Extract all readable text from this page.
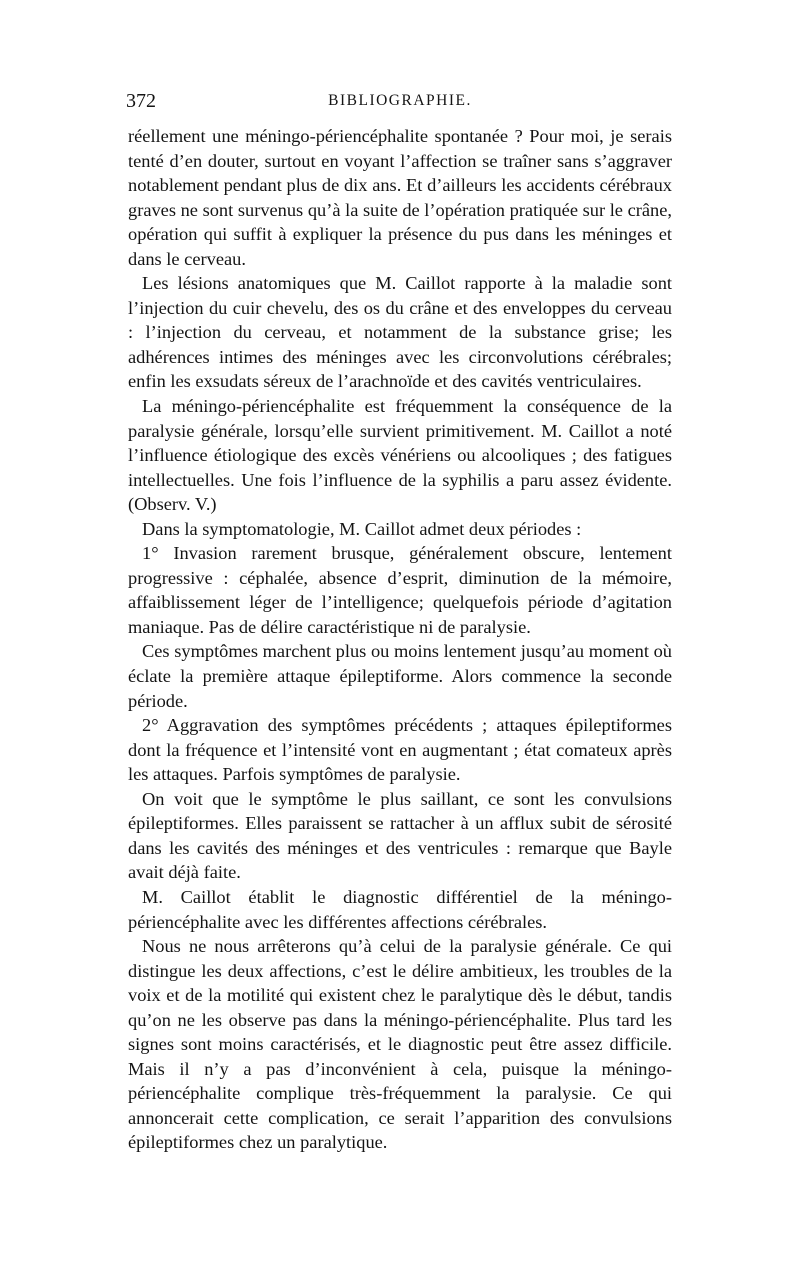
372	BIBLIOGRAPHIE.

réellement une méningo-périencéphalite spontanée ? Pour moi, je serais tenté d’en douter, surtout en voyant l’affection se traîner sans s’aggraver notablement pendant plus de dix ans. Et d’ailleurs les accidents cérébraux graves ne sont survenus qu’à la suite de l’opération pratiquée sur le crâne, opération qui suffit à expliquer la présence du pus dans les méninges et dans le cerveau.

Les lésions anatomiques que M. Caillot rapporte à la maladie sont l’injection du cuir chevelu, des os du crâne et des enveloppes du cerveau : l’injection du cerveau, et notamment de la substance grise; les adhérences intimes des méninges avec les circonvolutions cérébrales; enfin les exsudats séreux de l’arachnoïde et des cavités ventriculaires.

La méningo-périencéphalite est fréquemment la conséquence de la paralysie générale, lorsqu’elle survient primitivement. M. Caillot a noté l’influence étiologique des excès vénériens ou alcooliques ; des fatigues intellectuelles. Une fois l’influence de la syphilis a paru assez évidente. (Observ. V.)

Dans la symptomatologie, M. Caillot admet deux périodes :

1° Invasion rarement brusque, généralement obscure, lentement progressive : céphalée, absence d’esprit, diminution de la mémoire, affaiblissement léger de l’intelligence; quelquefois période d’agitation maniaque. Pas de délire caractéristique ni de paralysie.

Ces symptômes marchent plus ou moins lentement jusqu’au moment où éclate la première attaque épileptiforme. Alors commence la seconde période.

2° Aggravation des symptômes précédents ; attaques épileptiformes dont la fréquence et l’intensité vont en augmentant ; état comateux après les attaques. Parfois symptômes de paralysie.

On voit que le symptôme le plus saillant, ce sont les convulsions épileptiformes. Elles paraissent se rattacher à un afflux subit de sérosité dans les cavités des méninges et des ventricules : remarque que Bayle avait déjà faite.

M. Caillot établit le diagnostic différentiel de la méningo-périencéphalite avec les différentes affections cérébrales.

Nous ne nous arrêterons qu’à celui de la paralysie générale. Ce qui distingue les deux affections, c’est le délire ambitieux, les troubles de la voix et de la motilité qui existent chez le paralytique dès le début, tandis qu’on ne les observe pas dans la méningo-périencéphalite. Plus tard les signes sont moins caractérisés, et le diagnostic peut être assez difficile. Mais il n’y a pas d’inconvénient à cela, puisque la méningo-périencéphalite complique très-fréquemment la paralysie. Ce qui annoncerait cette complication, ce serait l’apparition des convulsions épileptiformes chez un paralytique.
